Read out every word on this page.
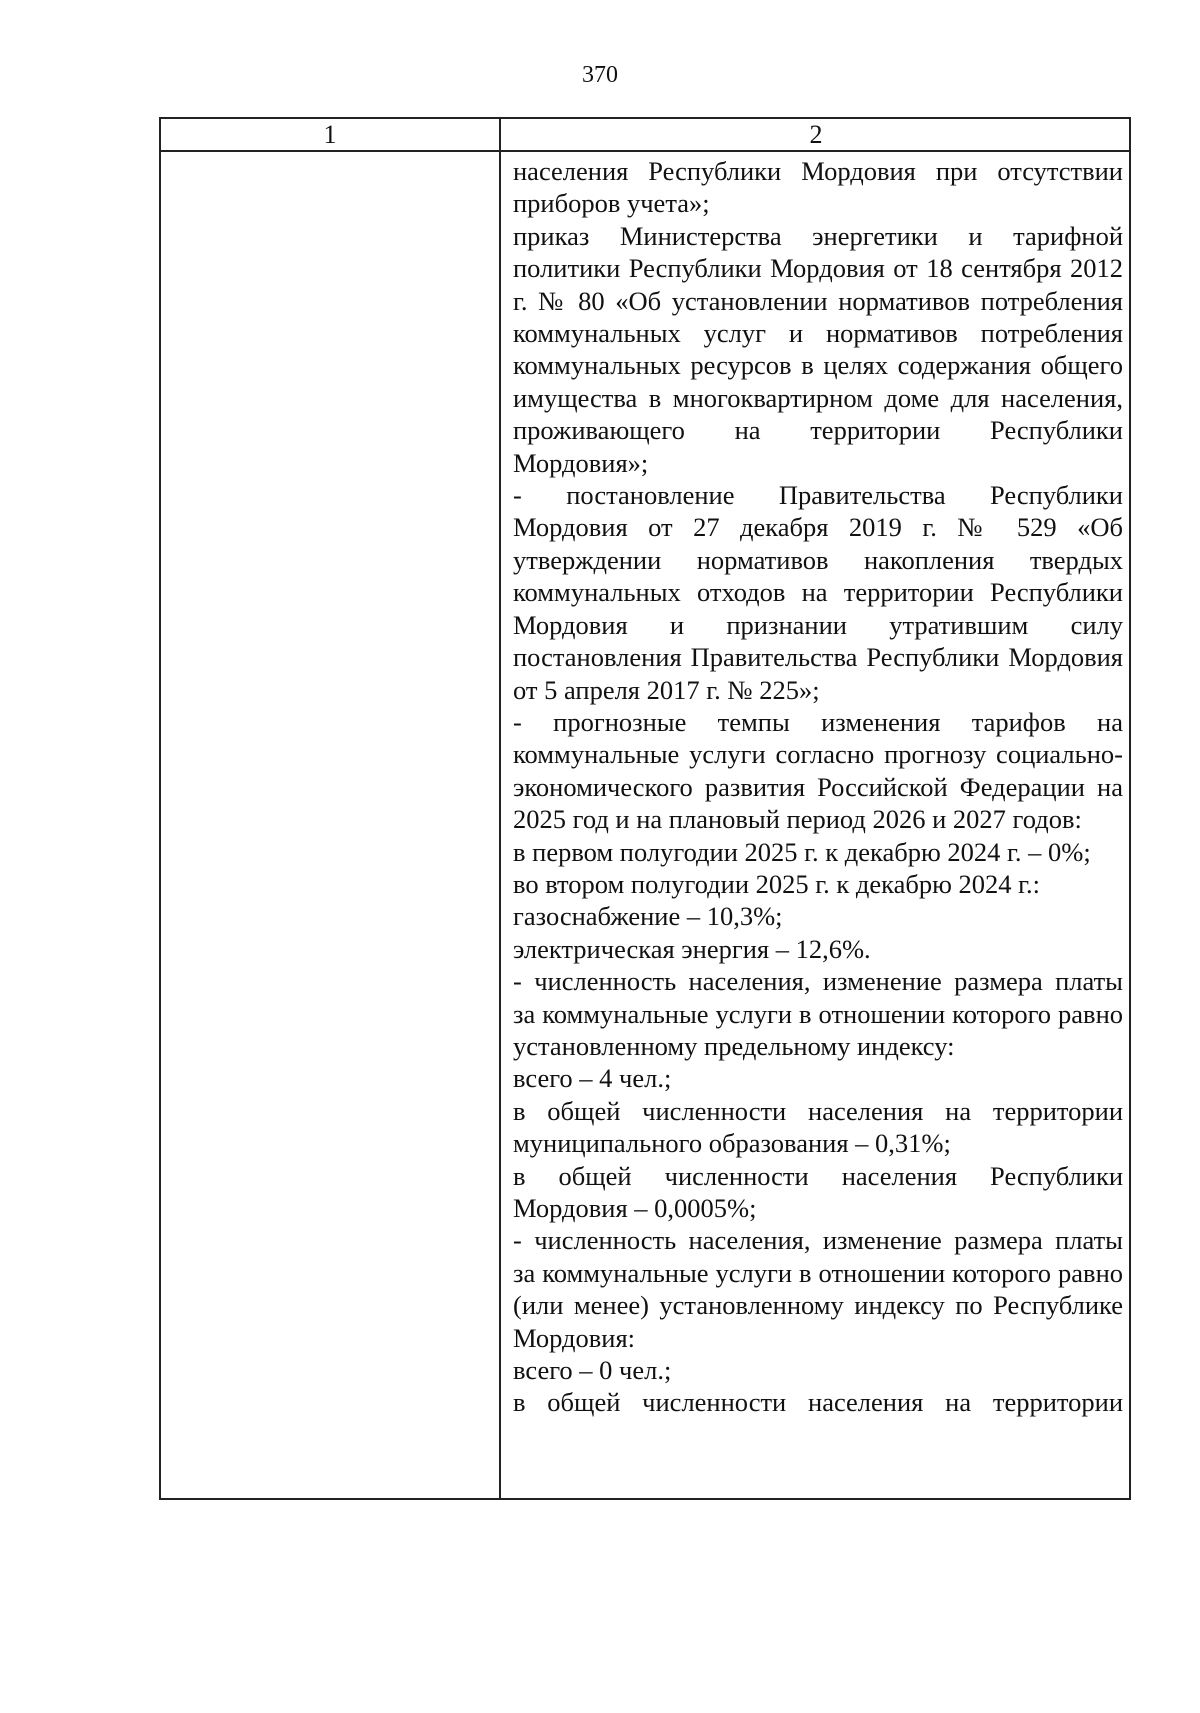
370
1	2

населения Республики Мордовия при отсутствии приборов учета»;

приказ Министерства энергетики и тарифной политики Республики Мордовия от 18 сентября 2012 г. № 80 «Об установлении нормативов потребления коммунальных услуг и нормативов потребления коммунальных ресурсов в целях содержания общего имущества в многоквартирном доме для населения, проживающего на территории Республики Мордовия»;

- постановление Правительства Республики Мордовия от 27 декабря 2019 г. № 529 «Об утверждении нормативов накопления твердых коммунальных отходов на территории Республики Мордовия и признании утратившим силу постановления Правительства Республики Мордовия от 5 апреля 2017 г. № 225»;

- прогнозные темпы изменения тарифов на коммунальные услуги согласно прогнозу социально-экономического развития Российской Федерации на 2025 год и на плановый период 2026 и 2027 годов:

в первом полугодии 2025 г. к декабрю 2024 г. – 0%;

во втором полугодии 2025 г. к декабрю 2024 г.:

газоснабжение – 10,3%;

электрическая энергия – 12,6%.

- численность населения, изменение размера платы за коммунальные услуги в отношении которого равно установленному предельному индексу:

всего – 4 чел.;

в общей численности населения на территории муниципального образования – 0,31%;

в общей численности населения Республики Мордовия – 0,0005%;

- численность населения, изменение размера платы за коммунальные услуги в отношении которого равно (или менее) установленному индексу по Республике Мордовия:

всего – 0 чел.;

в общей численности населения на территории
